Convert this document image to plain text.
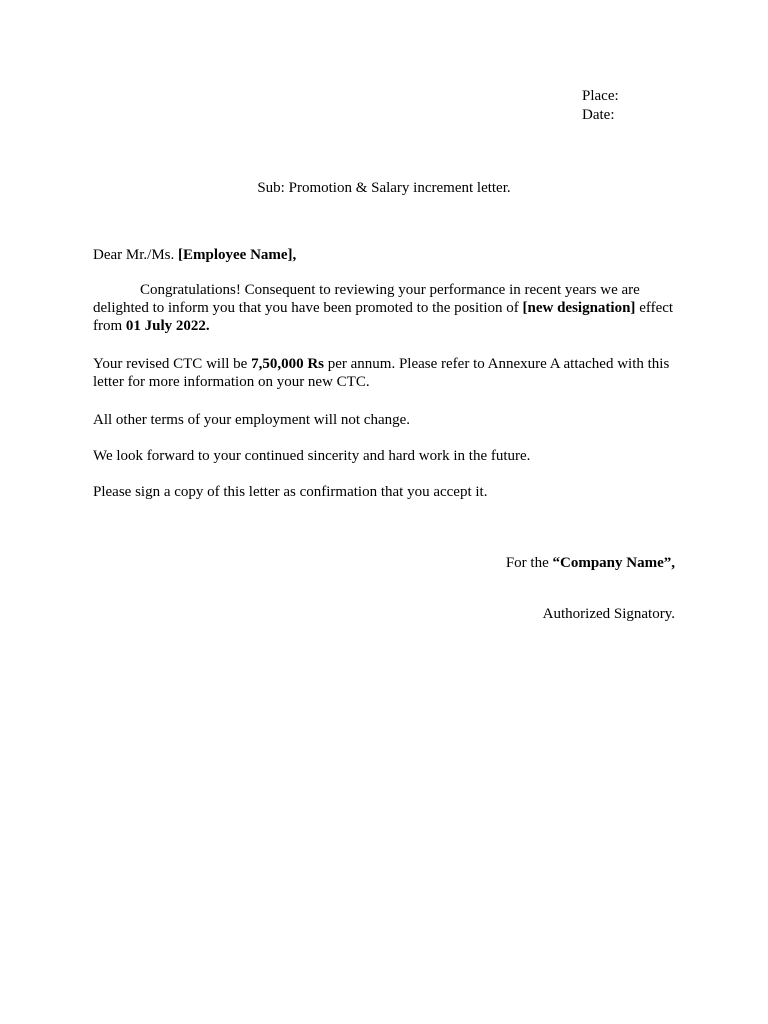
Place:
Date:
Sub: Promotion & Salary increment letter.
Dear Mr./Ms. [Employee Name],
Congratulations! Consequent to reviewing your performance in recent years we are delighted to inform you that you have been promoted to the position of [new designation] effect from 01 July 2022.
Your revised CTC will be 7,50,000 Rs per annum. Please refer to Annexure A attached with this letter for more information on your new CTC.
All other terms of your employment will not change.
We look forward to your continued sincerity and hard work in the future.
Please sign a copy of this letter as confirmation that you accept it.
For the “Company Name”,
Authorized Signatory.
